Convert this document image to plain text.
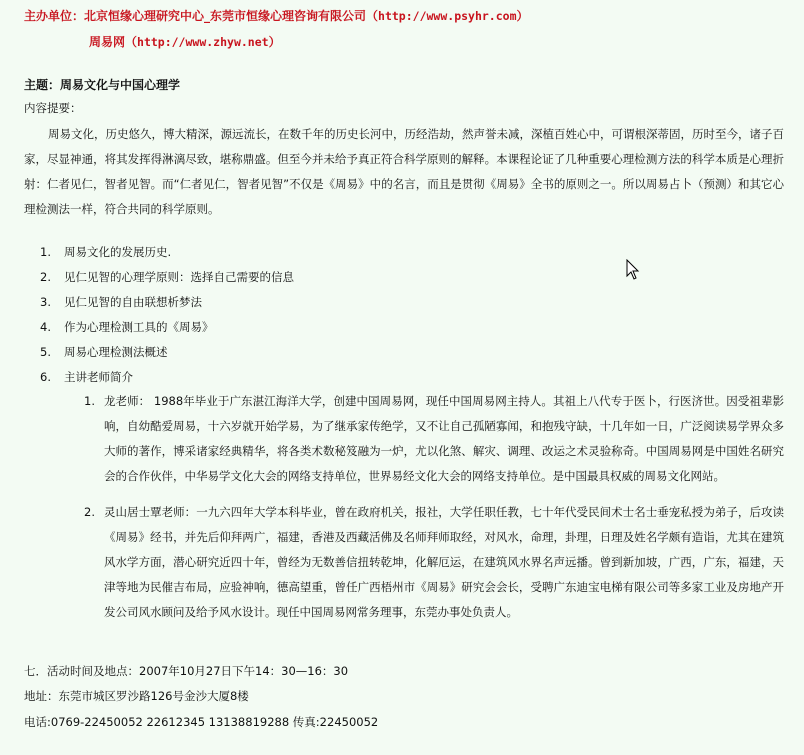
主办单位：北京恒缘心理研究中心_东莞市恒缘心理咨询有限公司（http://www.psyhr.com）
周易网（http://www.zhyw.net）
主题：周易文化与中国心理学
内容提要：
周易文化，历史悠久，博大精深，源远流长，在数千年的历史长河中，历经浩劫，然声誉未减，深植百姓心中，可谓根深蒂固，历时至今，诸子百家，尽显神通，将其发挥得淋漓尽致，堪称鼎盛。但至今并未给予真正符合科学原则的解释。本课程论证了几种重要心理检测方法的科学本质是心理折射：仁者见仁，智者见智。而“仁者见仁，智者见智”不仅是《周易》中的名言，而且是贯彻《周易》全书的原则之一。所以周易占卜（预测）和其它心理检测法一样，符合共同的科学原则。
1.	周易文化的发展历史.
2.	见仁见智的心理学原则：选择自己需要的信息
3.	见仁见智的自由联想析梦法
4.	作为心理检测工具的《周易》
5.	周易心理检测法概述
6.	主讲老师简介
1. 龙老师： 1988年毕业于广东湛江海洋大学，创建中国周易网，现任中国周易网主持人。其祖上八代专于医卜，行医济世。因受祖辈影响，自幼酷爱周易，十六岁就开始学易，为了继承家传绝学，又不让自己孤陋寡闻，和抱残守缺，十几年如一日，广泛阅读易学界众多大师的著作，博采诸家经典精华，将各类术数秘笈融为一炉，尤以化煞、解灾、调理、改运之术灵验称奇。中国周易网是中国姓名研究会的合作伙伴，中华易学文化大会的网络支持单位，世界易经文化大会的网络支持单位。是中国最具权威的周易文化网站。
2. 灵山居士覃老师：一九六四年大学本科毕业，曾在政府机关，报社，大学任职任教，七十年代受民间术士名士垂宠私授为弟子，后攻读《周易》经书，并先后仰拜两广，福建，香港及西藏活佛及名师拜师取经，对风水，命理，卦理，日理及姓名学颇有造诣，尤其在建筑风水学方面，潜心研究近四十年，曾经为无数善信扭转乾坤，化解厄运，在建筑风水界名声远播。曾到新加坡，广西，广东，福建，天津等地为民催吉布局，应验神响，德高望重，曾任广西梧州市《周易》研究会会长，受聘广东迪宝电梯有限公司等多家工业及房地产开发公司风水顾问及给予风水设计。现任中国周易网常务理事，东莞办事处负责人。
七．活动时间及地点：2007年10月27日下午14：30—16：30
地址：东莞市城区罗沙路126号金沙大厦8楼
电话:0769-22450052 22612345 13138819288 传真:22450052
